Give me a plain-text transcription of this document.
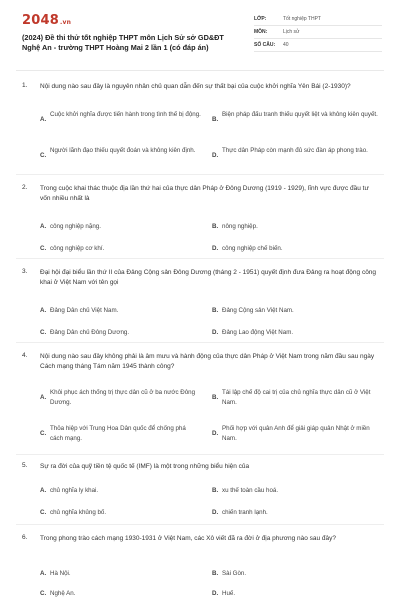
2048.vn
(2024) Đề thi thử tốt nghiệp THPT môn Lịch Sử sở GD&ĐT Nghệ An - trường THPT Hoàng Mai 2 lần 1 (có đáp án)
LỚP:	Tốt nghiệp THPT
MÔN:	Lịch sử
SỐ CÂU:	40
1. Nội dung nào sau đây là nguyên nhân chủ quan dẫn đến sự thất bại của cuộc khởi nghĩa Yên Bái (2-1930)?
A.
Cuộc khởi nghĩa được tiến hành trong tình thế bị động.
B.
Biện pháp đấu tranh thiếu quyết liệt và không kiên quyết.
C.
Người lãnh đạo thiếu quyết đoán và không kiên định.
D.
Thực dân Pháp còn mạnh đủ sức đàn áp phong trào.
2. Trong cuộc khai thác thuộc địa lần thứ hai của thực dân Pháp ở Đông Dương (1919 - 1929), lĩnh vực được đầu tư vốn nhiều nhất là
A. công nghiệp nặng.	B. nông nghiệp.
C. công nghiệp cơ khí.	D. công nghiệp chế biến.
3. Đại hội đại biểu lần thứ II của Đảng Cộng sản Đông Dương (tháng 2 - 1951) quyết định đưa Đảng ra hoạt động công khai ở Việt Nam với tên gọi
A. Đảng Dân chủ Việt Nam.	B. Đảng Cộng sản Việt Nam.
C. Đảng Dân chủ Đông Dương.	D. Đảng Lao động Việt Nam.
4. Nội dung nào sau đây không phải là âm mưu và hành động của thực dân Pháp ở Việt Nam trong năm đầu sau ngày Cách mạng tháng Tám năm 1945 thành công?
A.
Khôi phục ách thống trị thực dân cũ ở ba nước Đông Dương.
B.
Tái lập chế độ cai trị của chủ nghĩa thực dân cũ ở Việt Nam.
C.
Thỏa hiệp với Trung Hoa Dân quốc để chống phá cách mạng.
D.
Phối hợp với quân Anh để giải giáp quân Nhật ở miền Nam.
5. Sự ra đời của quỹ tiền tệ quốc tế (IMF) là một trong những biểu hiện của
A. chủ nghĩa ly khai.	B. xu thế toàn cầu hoá.
C. chủ nghĩa khủng bố.	D. chiến tranh lạnh.
6. Trong phong trào cách mạng 1930-1931 ở Việt Nam, các Xô viết đã ra đời ở địa phương nào sau đây?
A. Hà Nội.	B. Sài Gòn.
C. Nghệ An.	D. Huế.
